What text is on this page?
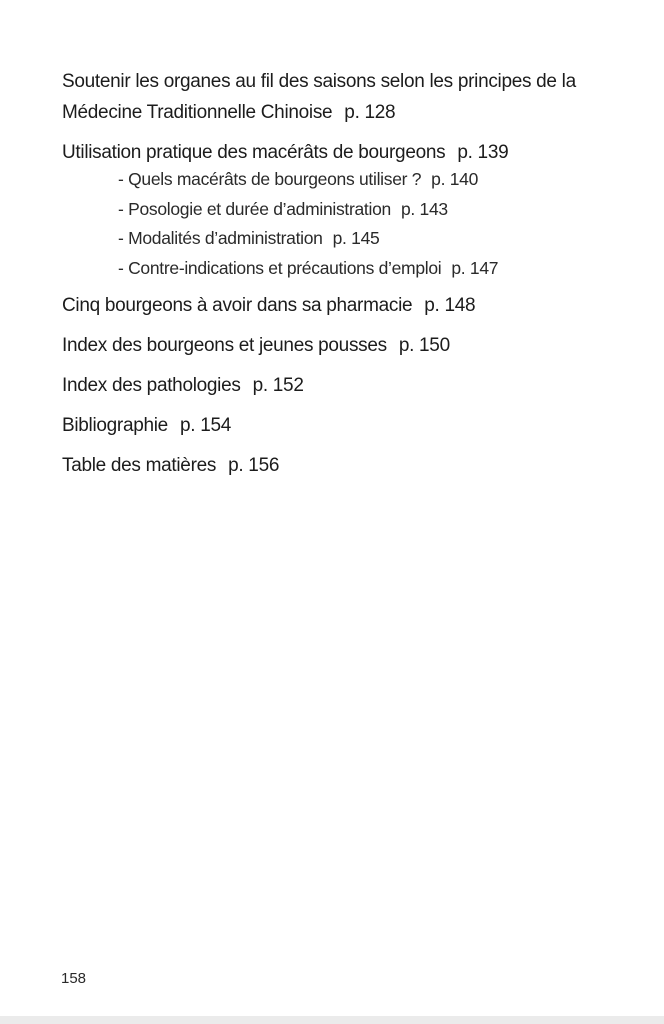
Soutenir les organes au fil des saisons selon les principes de la Médecine Traditionnelle Chinoise p. 128
Utilisation pratique des macérâts de bourgeons p. 139
- Quels macérâts de bourgeons utiliser ? p. 140
- Posologie et durée d’administration p. 143
- Modalités d’administration p. 145
- Contre-indications et précautions d’emploi p. 147
Cinq bourgeons à avoir dans sa pharmacie p. 148
Index des bourgeons et jeunes pousses p. 150
Index des pathologies p. 152
Bibliographie p. 154
Table des matières p. 156
158
